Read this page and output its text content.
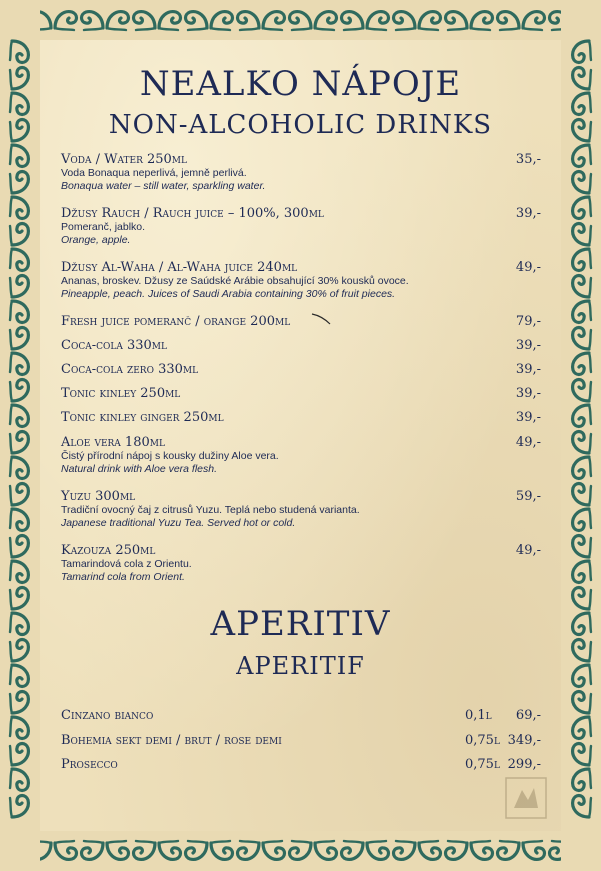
NEALKO NÁPOJE
NON-ALCOHOLIC DRINKS
Voda / Water 250ml	35,-
Voda Bonaqua neperlivá, jemně perlivá.
Bonaqua water – still water, sparkling water.
Džusy Rauch / Rauch juice – 100%, 300ml	39,-
Pomeranč, jablko.
Orange, apple.
Džusy Al-Waha / Al-Waha juice 240ml	49,-
Ananas, broskev. Džusy ze Saúdské Arábie obsahující 30% kousků ovoce.
Pineapple, peach. Juices of Saudi Arabia containing 30% of fruit pieces.
Fresh juice pomeranč / orange 200ml	79,-
Coca-cola 330ml	39,-
Coca-cola zero 330ml	39,-
Tonic kinley 250ml	39,-
Tonic kinley ginger 250ml	39,-
Aloe vera 180ml	49,-
Čistý přírodní nápoj s kousky dužiny Aloe vera.
Natural drink with Aloe vera flesh.
Yuzu 300ml	59,-
Tradiční ovocný čaj z citrusů Yuzu. Teplá nebo studená varianta.
Japanese traditional Yuzu Tea. Served hot or cold.
Kazouza 250ml	49,-
Tamarindová cola z Orientu.
Tamarind cola from Orient.
APERITIV
APERITIF
Cinzano bianco	0,1l 69,-
Bohemia sekt demi / brut / rose demi	0,75l 349,-
Prosecco	0,75l 299,-
